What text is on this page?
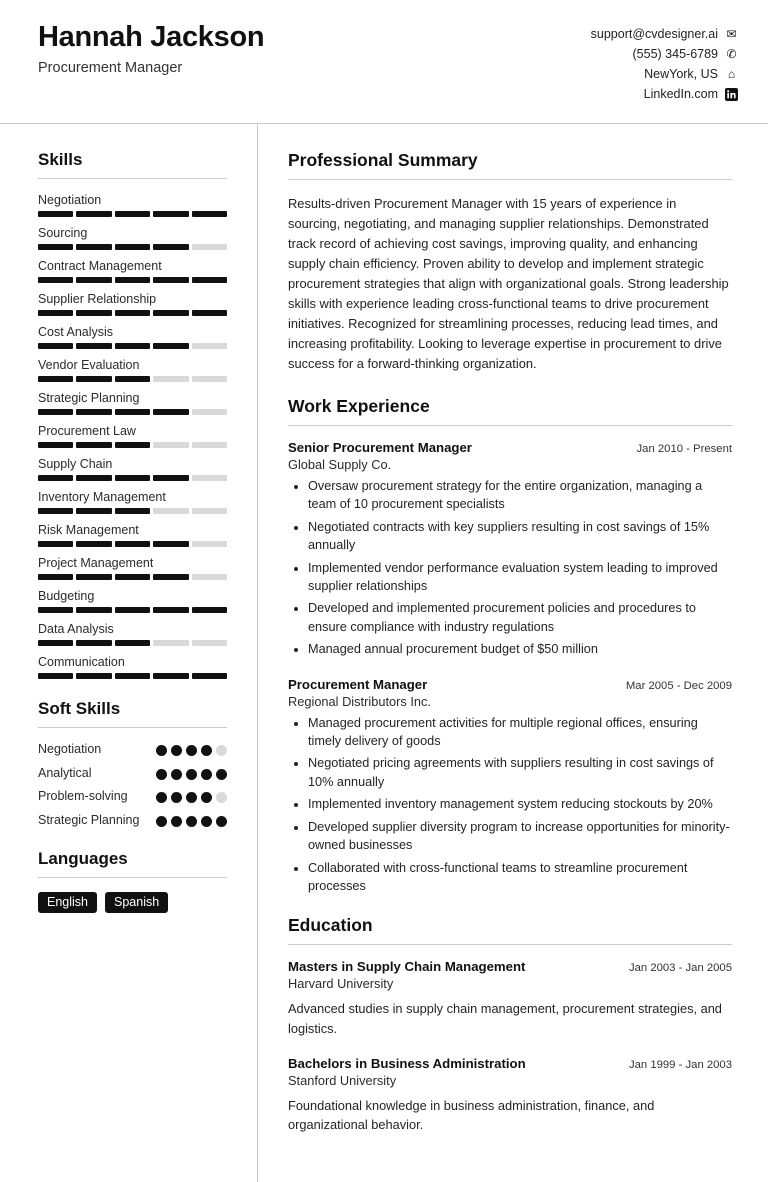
Hannah Jackson
Procurement Manager
support@cvdesigner.ai ✉
(555) 345-6789 ✆
NewYork, US ⌂
LinkedIn.com
Skills
Negotiation
Sourcing
Contract Management
Supplier Relationship
Cost Analysis
Vendor Evaluation
Strategic Planning
Procurement Law
Supply Chain
Inventory Management
Risk Management
Project Management
Budgeting
Data Analysis
Communication
Soft Skills
Negotiation
Analytical
Problem-solving
Strategic Planning
Languages
English	Spanish
Professional Summary

Results-driven Procurement Manager with 15 years of experience in sourcing, negotiating, and managing supplier relationships. Demonstrated track record of achieving cost savings, improving quality, and enhancing supply chain efficiency. Proven ability to develop and implement strategic procurement strategies that align with organizational goals. Strong leadership skills with experience leading cross-functional teams to drive procurement initiatives. Recognized for streamlining processes, reducing lead times, and increasing profitability. Looking to leverage expertise in procurement to drive success for a forward-thinking organization.

Work Experience
Senior Procurement Manager	Jan 2010 - Present
Global Supply Co.
• Oversaw procurement strategy for the entire organization, managing a team of 10 procurement specialists
• Negotiated contracts with key suppliers resulting in cost savings of 15% annually
• Implemented vendor performance evaluation system leading to improved supplier relationships
• Developed and implemented procurement policies and procedures to ensure compliance with industry regulations
• Managed annual procurement budget of $50 million
Procurement Manager	Mar 2005 - Dec 2009
Regional Distributors Inc.
• Managed procurement activities for multiple regional offices, ensuring timely delivery of goods
• Negotiated pricing agreements with suppliers resulting in cost savings of 10% annually
• Implemented inventory management system reducing stockouts by 20%
• Developed supplier diversity program to increase opportunities for minority-owned businesses
• Collaborated with cross-functional teams to streamline procurement processes
Education
Masters in Supply Chain Management	Jan 2003 - Jan 2005
Harvard University

Advanced studies in supply chain management, procurement strategies, and logistics.

Bachelors in Business Administration	Jan 1999 - Jan 2003
Stanford University

Foundational knowledge in business administration, finance, and organizational behavior.
